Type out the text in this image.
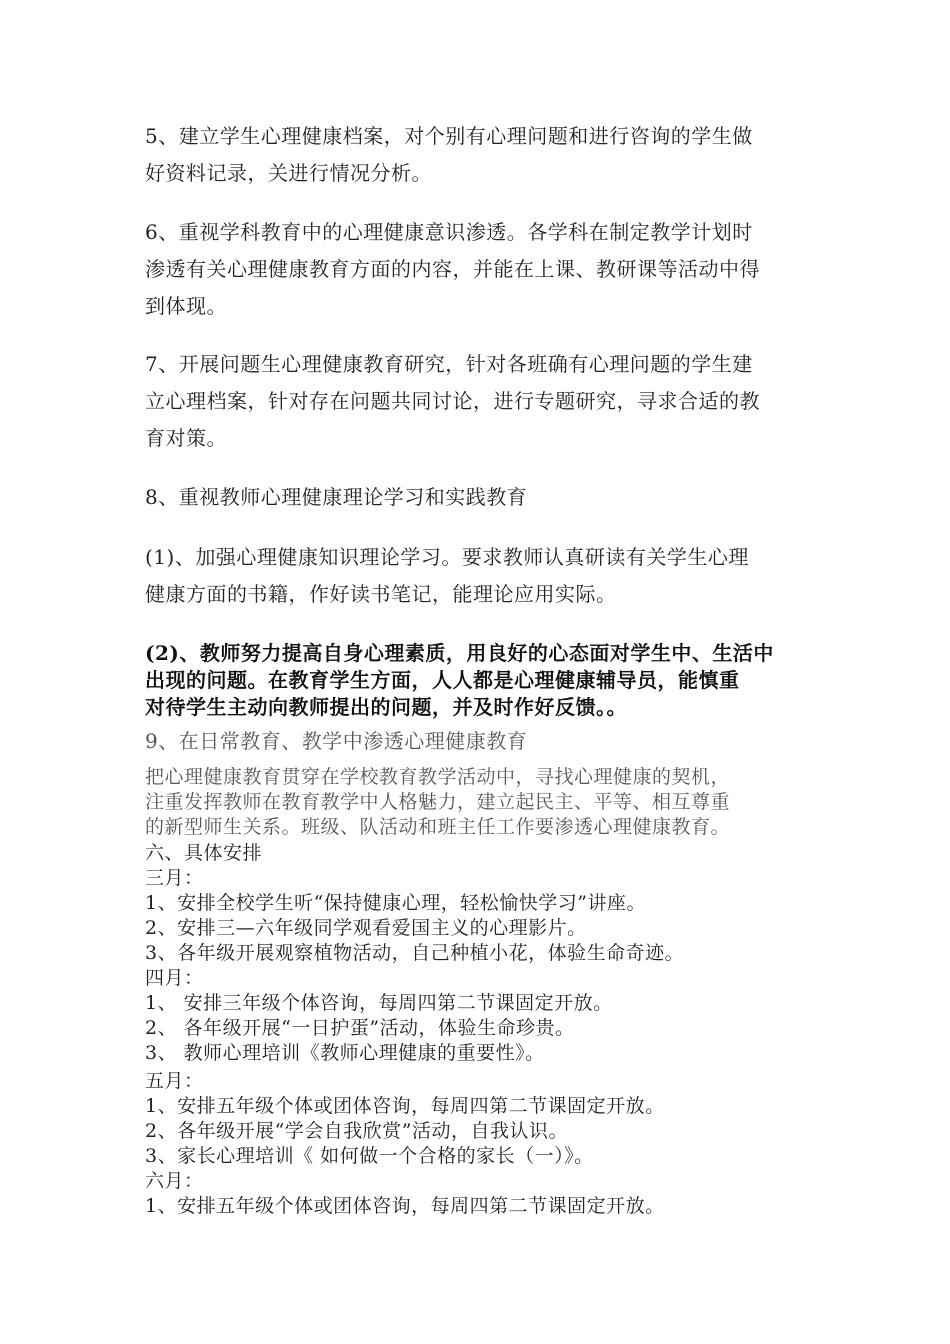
5、建立学生心理健康档案，对个别有心理问题和进行咨询的学生做
好资料记录，关进行情况分析。
6、重视学科教育中的心理健康意识渗透。各学科在制定教学计划时
渗透有关心理健康教育方面的内容，并能在上课、教研课等活动中得
到体现。
7、开展问题生心理健康教育研究，针对各班确有心理问题的学生建
立心理档案，针对存在问题共同讨论，进行专题研究，寻求合适的教
育对策。
8、重视教师心理健康理论学习和实践教育
(1)、加强心理健康知识理论学习。要求教师认真研读有关学生心理
健康方面的书籍，作好读书笔记，能理论应用实际。
(2)、教师努力提高自身心理素质，用良好的心态面对学生中、生活中
出现的问题。在教育学生方面，人人都是心理健康辅导员，能慎重
对待学生主动向教师提出的问题，并及时作好反馈。。
9、在日常教育、教学中渗透心理健康教育
把心理健康教育贯穿在学校教育教学活动中，寻找心理健康的契机，
注重发挥教师在教育教学中人格魅力，建立起民主、平等、相互尊重
的新型师生关系。班级、队活动和班主任工作要渗透心理健康教育。
六、具体安排
三月：
1、安排全校学生听“保持健康心理，轻松愉快学习”讲座。
2、安排三—六年级同学观看爱国主义的心理影片。
3、各年级开展观察植物活动，自己种植小花，体验生命奇迹。
四月：
1、 安排三年级个体咨询，每周四第二节课固定开放。
2、 各年级开展“一日护蛋”活动，体验生命珍贵。
3、 教师心理培训《教师心理健康的重要性》。
五月：
1、安排五年级个体或团体咨询，每周四第二节课固定开放。
2、各年级开展“学会自我欣赏”活动，自我认识。
3、家长心理培训《 如何做一个合格的家长（一）》。
六月：
1、安排五年级个体或团体咨询，每周四第二节课固定开放。
